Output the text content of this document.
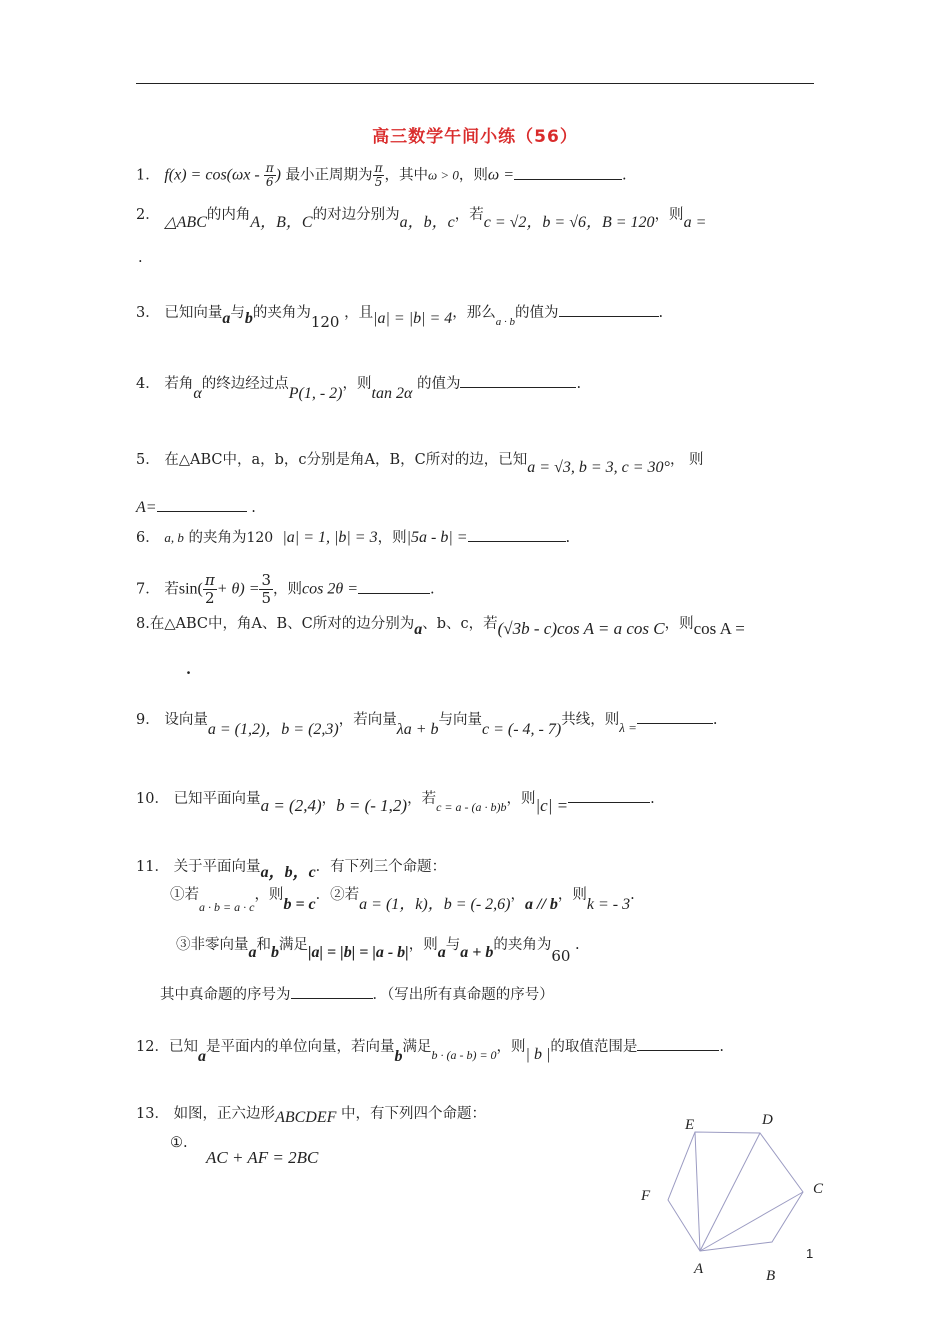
高三数学午间小练（56）
1． $f(x) = \cos(\omega x - \frac{\pi}{6}$ ) 最小正周期为 $\frac{\pi}{5}$ ，其中ω > 0，则ω =	.
2． △ABC的内角A，B，C的对边分别为a，b，c，若c = √2，b = √6，B = 120，则a =
.
3． 已知向量a与b的夹角为120 ，且|a| = |b| = 4，那么$_{a \cdot b}$的值为	.
4． 若角α的终边经过点P(1, - 2)，则tan 2α 的值为	.
5． 在△ABC中，a，b，c分别是角A，B，C所对的边，已知a = √3, b = 3, c = 30°， 则
A=	.
6． a, b 的夹角为120 |a| = 1, |b| = 3，则|5a - b| =	.
7． 若$\sin( \frac{\pi}{2} + \theta) = \frac{3}{5}$ ，则cos 2θ =	.
8.在△ABC中，角A、B、C所对的边分别为a、b、c，若(√3b - c)cos A = a cos C，则cos A =
.
9． 设向量a = (1,2)，b = (2,3)，若向量λa + b与向量c = (- 4, - 7)共线，则λ =	.
10． 已知平面向量a = (2,4)，b = (- 1,2)，若$_{c = a - (a \cdot b)b}$，则|c| =	.
11． 关于平面向量a，b，c．有下列三个命题：
①若$_{a \cdot b = a \cdot c}$，则b = c．②若a = (1，k)，b = (- 2,6)，a // b，则k = - 3.
③非零向量a和b满足|a| = |b| = |a - b|，则a与a + b的夹角为60 .
其中真命题的序号为	．（写出所有真命题的序号）
12．已知a是平面内的单位向量，若向量b满足$_{b \cdot (a - b) = 0}$，则| b |的取值范围是	.
13． 如图，正六边形ABCDEF 中，有下列四个命题：
①.
AC + AF = 2BC
A	B
C
D
E
F
1
